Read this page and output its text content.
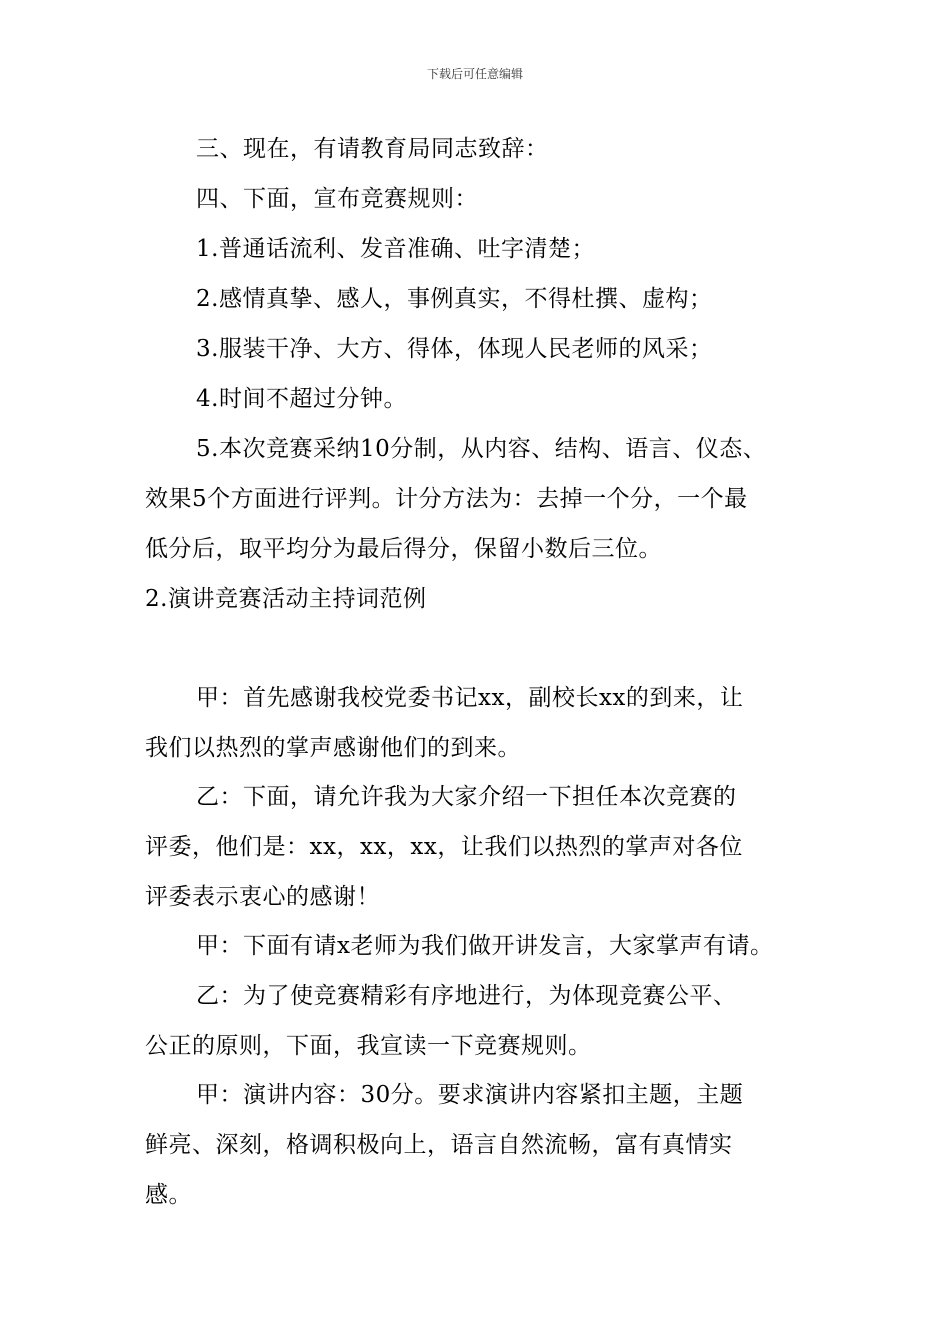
下载后可任意编辑
三、现在，有请教育局同志致辞：
四、下面，宣布竞赛规则：
1.普通话流利、发音准确、吐字清楚；
2.感情真挚、感人，事例真实，不得杜撰、虚构；
3.服装干净、大方、得体，体现人民老师的风采；
4.时间不超过分钟。
5.本次竞赛采纳10分制，从内容、结构、语言、仪态、
效果5个方面进行评判。计分方法为：去掉一个分，一个最
低分后，取平均分为最后得分，保留小数后三位。
2.演讲竞赛活动主持词范例
甲：首先感谢我校党委书记xx，副校长xx的到来，让
我们以热烈的掌声感谢他们的到来。
乙：下面，请允许我为大家介绍一下担任本次竞赛的
评委，他们是：xx，xx，xx，让我们以热烈的掌声对各位
评委表示衷心的感谢！
甲：下面有请x老师为我们做开讲发言，大家掌声有请。
乙：为了使竞赛精彩有序地进行，为体现竞赛公平、
公正的原则，下面，我宣读一下竞赛规则。
甲：演讲内容：30分。要求演讲内容紧扣主题，主题
鲜亮、深刻，格调积极向上，语言自然流畅，富有真情实
感。
